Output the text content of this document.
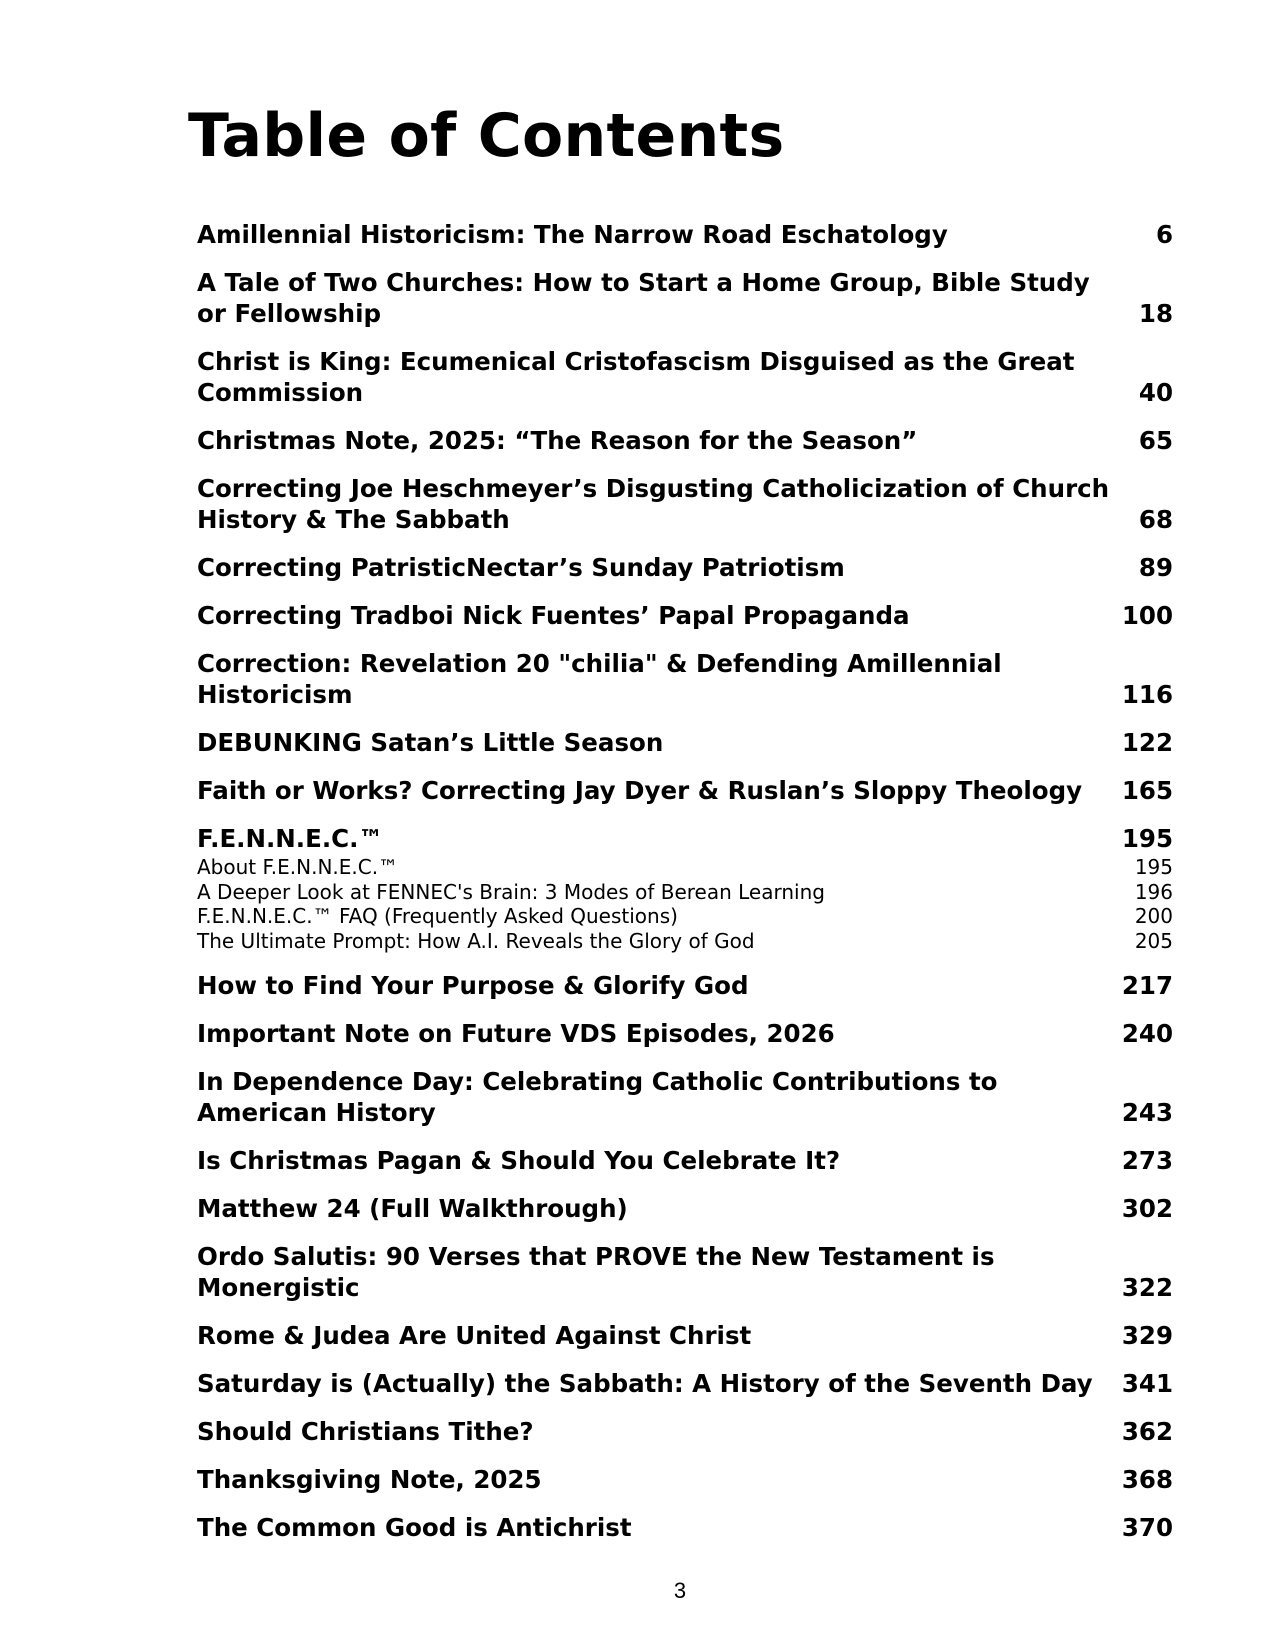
Table of Contents
Amillennial Historicism: The Narrow Road Eschatology	6
A Tale of Two Churches: How to Start a Home Group, Bible Study or Fellowship	18
Christ is King: Ecumenical Cristofascism Disguised as the Great Commission	40
Christmas Note, 2025: “The Reason for the Season”	65
Correcting Joe Heschmeyer’s Disgusting Catholicization of Church History & The Sabbath	68
Correcting PatristicNectar’s Sunday Patriotism	89
Correcting Tradboi Nick Fuentes’ Papal Propaganda	100
Correction: Revelation 20 "chilia" & Defending Amillennial Historicism	116
DEBUNKING Satan’s Little Season	122
Faith or Works? Correcting Jay Dyer & Ruslan’s Sloppy Theology	165
F.E.N.N.E.C.™	195
About F.E.N.N.E.C.™	195
A Deeper Look at FENNEC's Brain: 3 Modes of Berean Learning	196
F.E.N.N.E.C.™ FAQ (Frequently Asked Questions)	200
The Ultimate Prompt: How A.I. Reveals the Glory of God	205
How to Find Your Purpose & Glorify God	217
Important Note on Future VDS Episodes, 2026	240
In Dependence Day: Celebrating Catholic Contributions to American History	243
Is Christmas Pagan & Should You Celebrate It?	273
Matthew 24 (Full Walkthrough)	302
Ordo Salutis: 90 Verses that PROVE the New Testament is Monergistic	322
Rome & Judea Are United Against Christ	329
Saturday is (Actually) the Sabbath: A History of the Seventh Day	341
Should Christians Tithe?	362
Thanksgiving Note, 2025	368
The Common Good is Antichrist	370
3
